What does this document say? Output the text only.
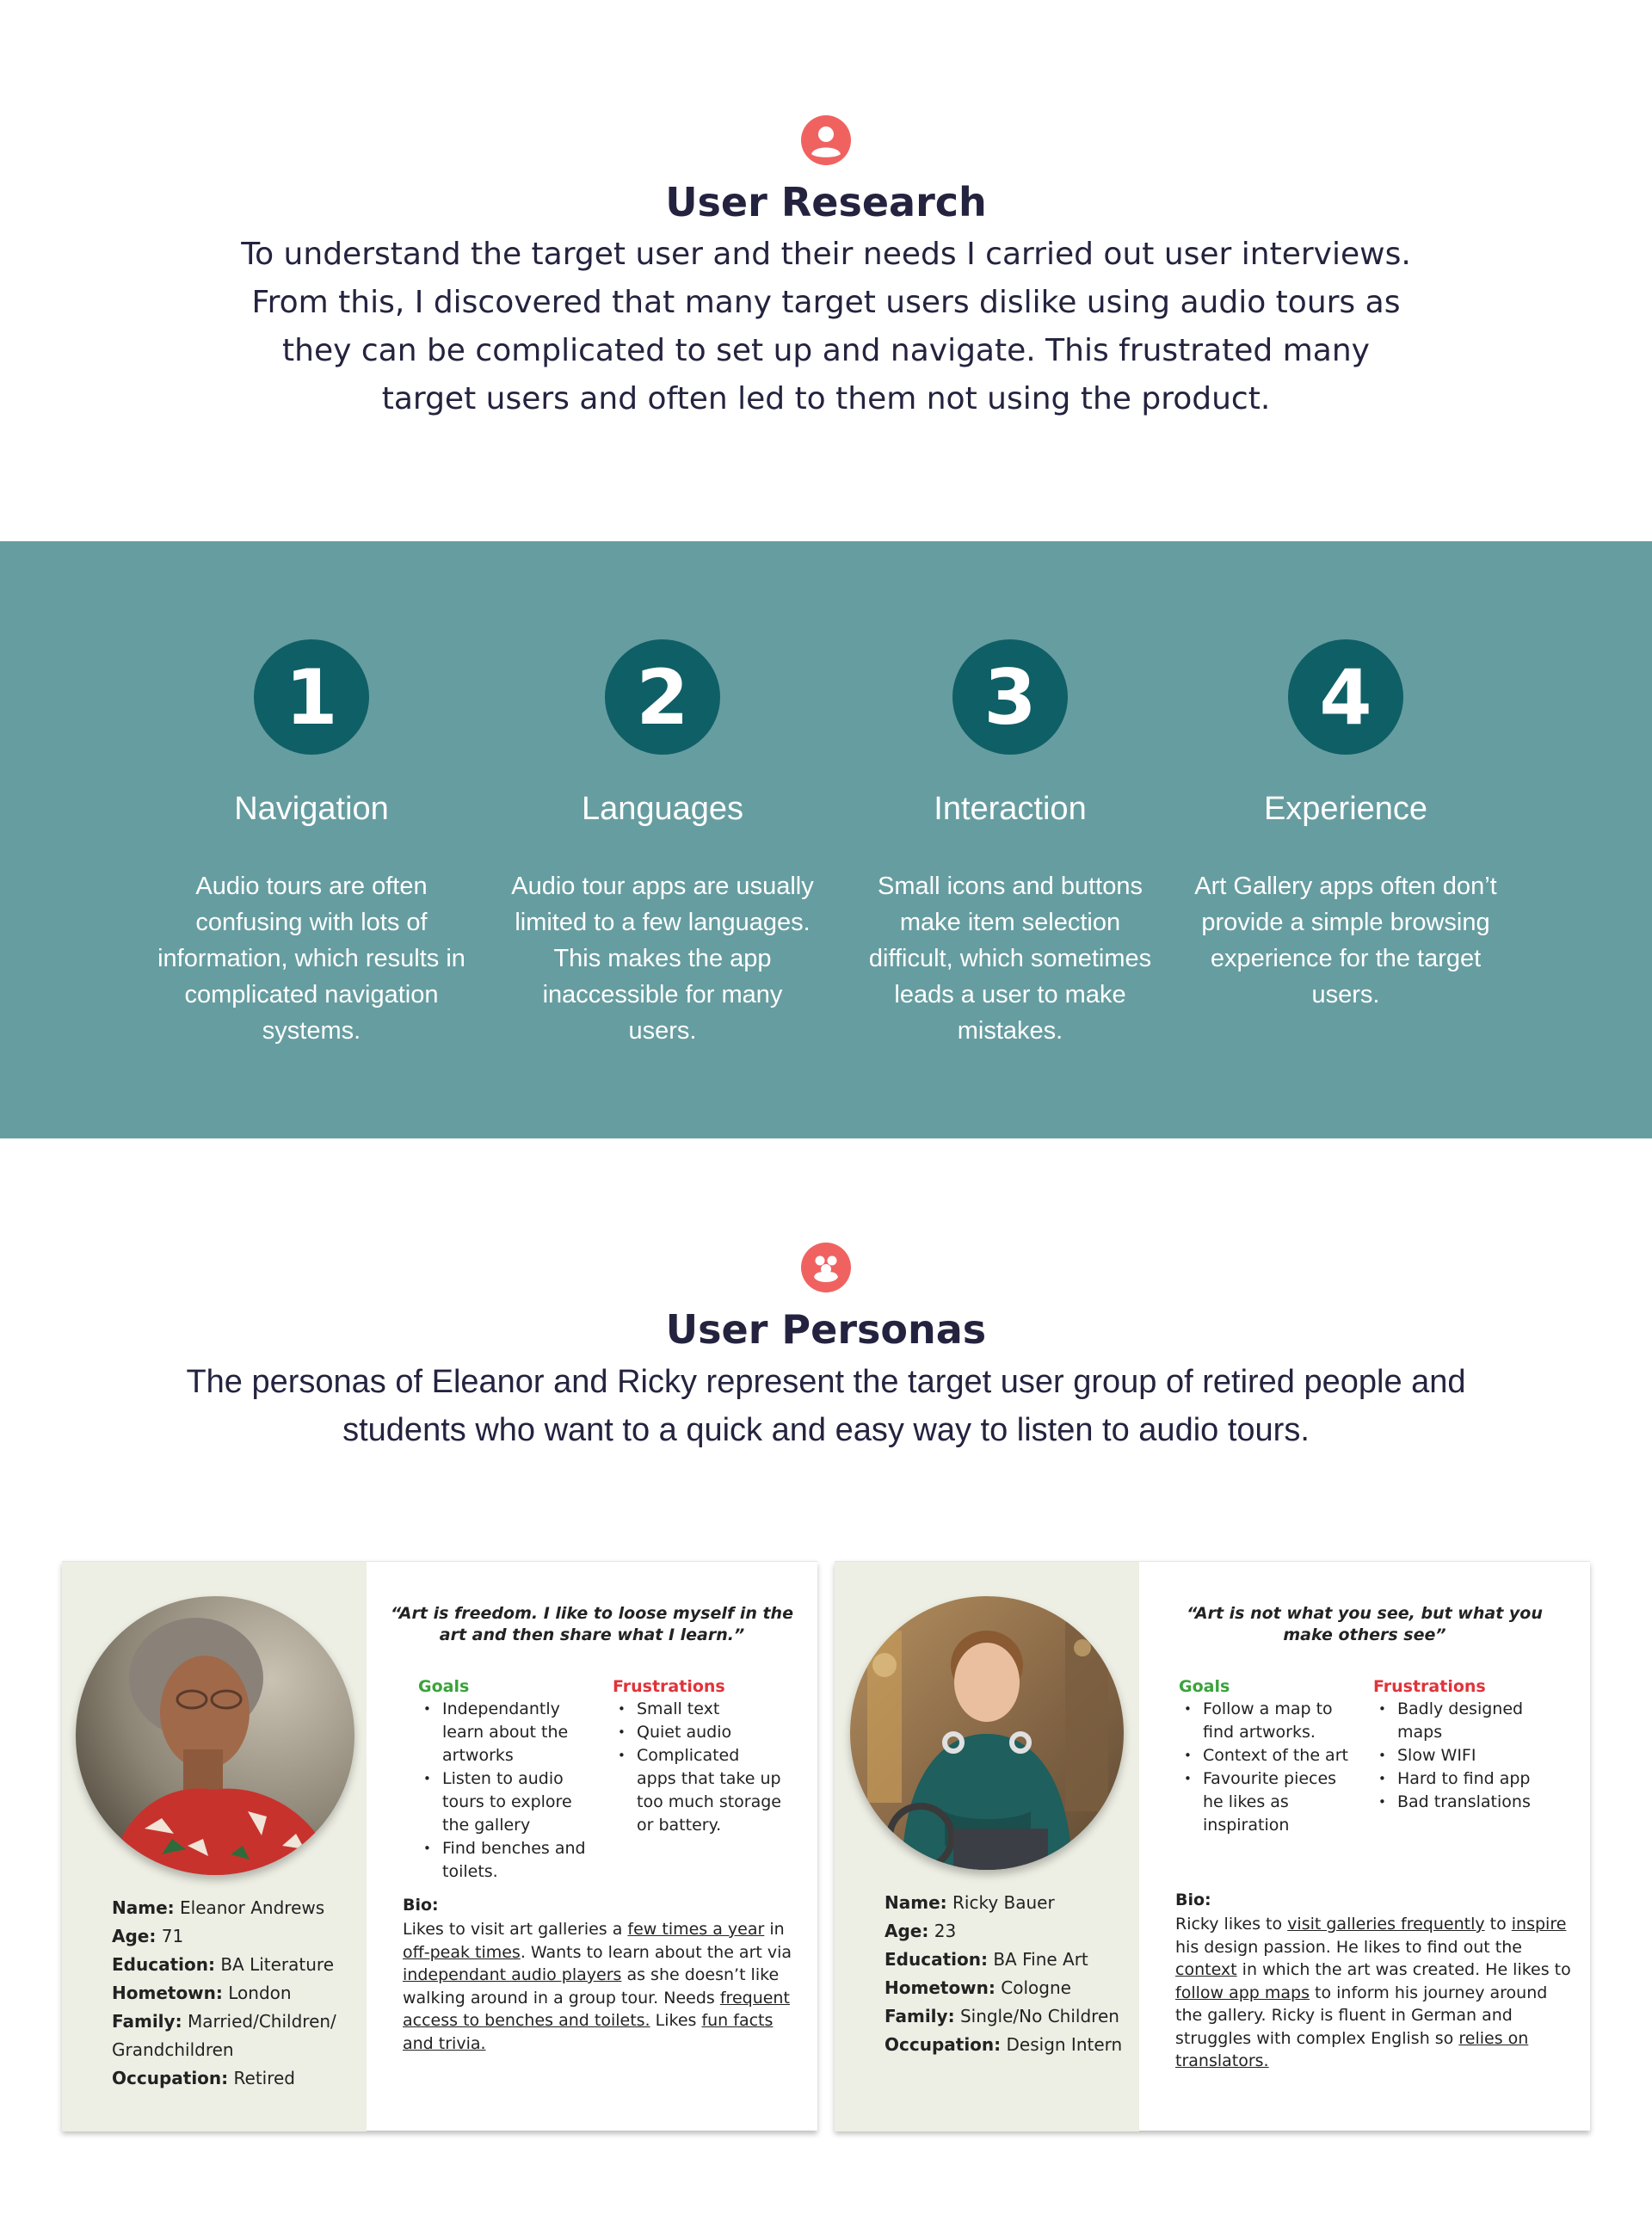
User Research

To understand the target user and their needs I carried out user interviews. From this, I discovered that many target users dislike using audio tours as they can be complicated to set up and navigate. This frustrated many target users and often led to them not using the product.

1
Navigation
Audio tours are often confusing with lots of information, which results in complicated navigation systems.
2
Languages
Audio tour apps are usually limited to a few languages. This makes the app inaccessible for many users.
3
Interaction
Small icons and buttons make item selection difficult, which sometimes leads a user to make mistakes.
4
Experience
Art Gallery apps often don’t provide a simple browsing experience for the target users.
User Personas

The personas of Eleanor and Ricky represent the target user group of retired people and students who want to a quick and easy way to listen to audio tours.

Name: Eleanor Andrews
Age: 71
Education: BA Literature
Hometown: London
Family: Married/Children/
Grandchildren
Occupation: Retired
“Art is freedom. I like to loose myself in the art and then share what I learn.”
Goals
• Independantly learn about the artworks
• Listen to audio tours to explore the gallery
• Find benches and toilets.
Frustrations
• Small text
• Quiet audio
• Complicated apps that take up too much storage or battery.
Bio:

Likes to visit art galleries a few times a year in off-peak times. Wants to learn about the art via independant audio players as she doesn’t like walking around in a group tour. Needs frequent access to benches and toilets. Likes fun facts and trivia.

Name: Ricky Bauer
Age: 23
Education: BA Fine Art
Hometown: Cologne
Family: Single/No Children
Occupation: Design Intern
“Art is not what you see, but what you make others see”
Goals
• Follow a map to find artworks.
• Context of the art
• Favourite pieces he likes as inspiration
Frustrations
• Badly designed maps
• Slow WIFI
• Hard to find app
• Bad translations
Bio:

Ricky likes to visit galleries frequently to inspire his design passion. He likes to find out the context in which the art was created. He likes to follow app maps to inform his journey around the gallery. Ricky is fluent in German and struggles with complex English so relies on translators.
